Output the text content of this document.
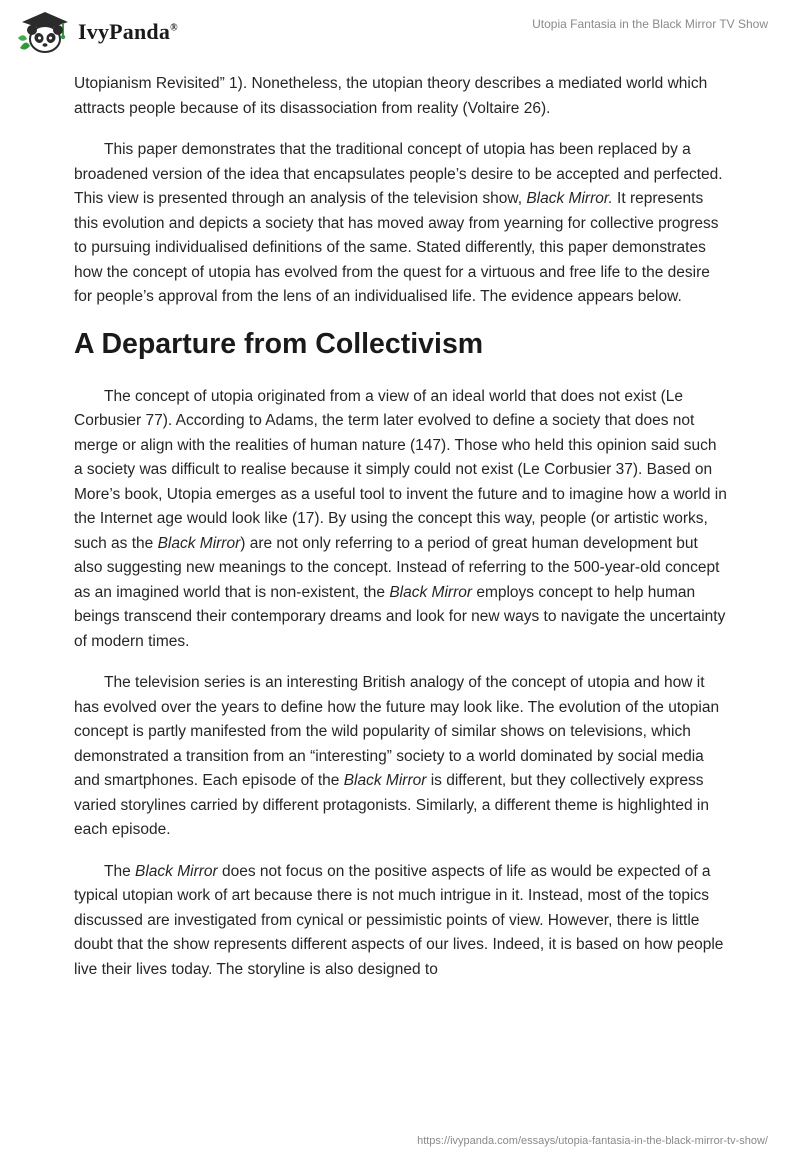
IvyPanda®	Utopia Fantasia in the Black Mirror TV Show

Utopianism Revisited” 1). Nonetheless, the utopian theory describes a mediated world which attracts people because of its disassociation from reality (Voltaire 26).

This paper demonstrates that the traditional concept of utopia has been replaced by a broadened version of the idea that encapsulates people’s desire to be accepted and perfected. This view is presented through an analysis of the television show, Black Mirror. It represents this evolution and depicts a society that has moved away from yearning for collective progress to pursuing individualised definitions of the same. Stated differently, this paper demonstrates how the concept of utopia has evolved from the quest for a virtuous and free life to the desire for people’s approval from the lens of an individualised life. The evidence appears below.

A Departure from Collectivism

The concept of utopia originated from a view of an ideal world that does not exist (Le Corbusier 77). According to Adams, the term later evolved to define a society that does not merge or align with the realities of human nature (147). Those who held this opinion said such a society was difficult to realise because it simply could not exist (Le Corbusier 37). Based on More’s book, Utopia emerges as a useful tool to invent the future and to imagine how a world in the Internet age would look like (17). By using the concept this way, people (or artistic works, such as the Black Mirror) are not only referring to a period of great human development but also suggesting new meanings to the concept. Instead of referring to the 500-year-old concept as an imagined world that is non-existent, the Black Mirror employs concept to help human beings transcend their contemporary dreams and look for new ways to navigate the uncertainty of modern times.

The television series is an interesting British analogy of the concept of utopia and how it has evolved over the years to define how the future may look like. The evolution of the utopian concept is partly manifested from the wild popularity of similar shows on televisions, which demonstrated a transition from an “interesting” society to a world dominated by social media and smartphones. Each episode of the Black Mirror is different, but they collectively express varied storylines carried by different protagonists. Similarly, a different theme is highlighted in each episode.

The Black Mirror does not focus on the positive aspects of life as would be expected of a typical utopian work of art because there is not much intrigue in it. Instead, most of the topics discussed are investigated from cynical or pessimistic points of view. However, there is little doubt that the show represents different aspects of our lives. Indeed, it is based on how people live their lives today. The storyline is also designed to

https://ivypanda.com/essays/utopia-fantasia-in-the-black-mirror-tv-show/
